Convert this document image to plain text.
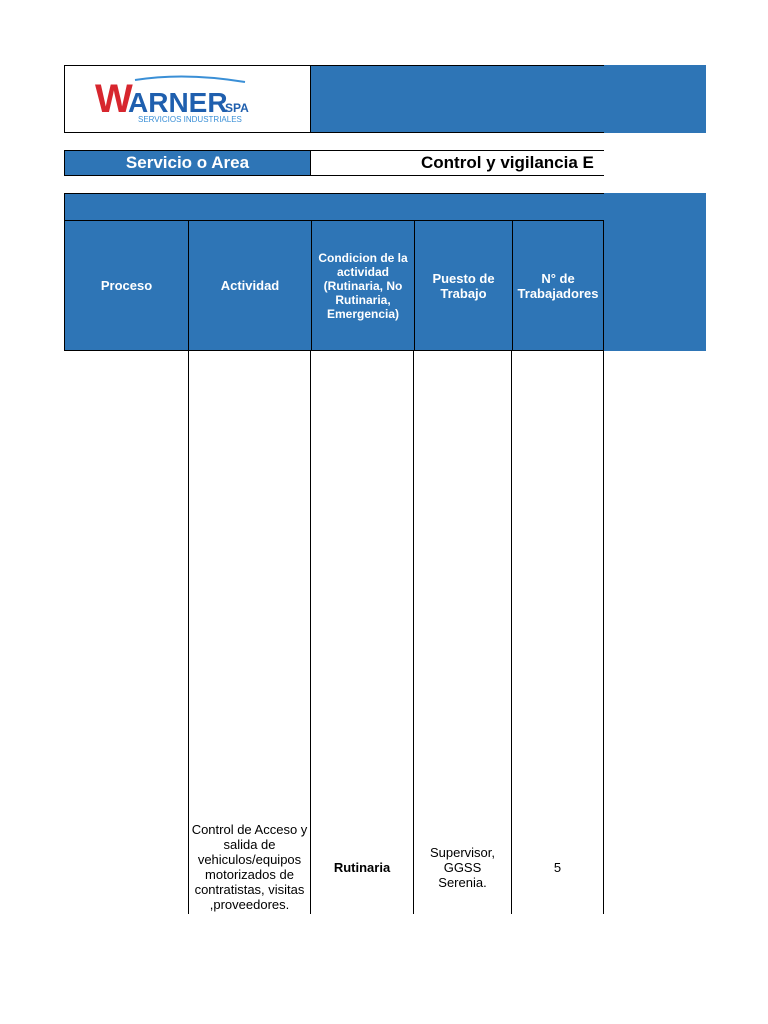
W
ARNER
SPA
SERVICIOS INDUSTRIALES
Servicio o Area	Control y vigilancia E
Proceso	Actividad
Condicion de la actividad (Rutinaria, No Rutinaria, Emergencia)
Puesto de Trabajo
N° de Trabajadores
Control de Acceso y salida de vehiculos/equipos motorizados de contratistas, visitas ,proveedores.
Rutinaria
Supervisor, GGSS Serenia.
5
